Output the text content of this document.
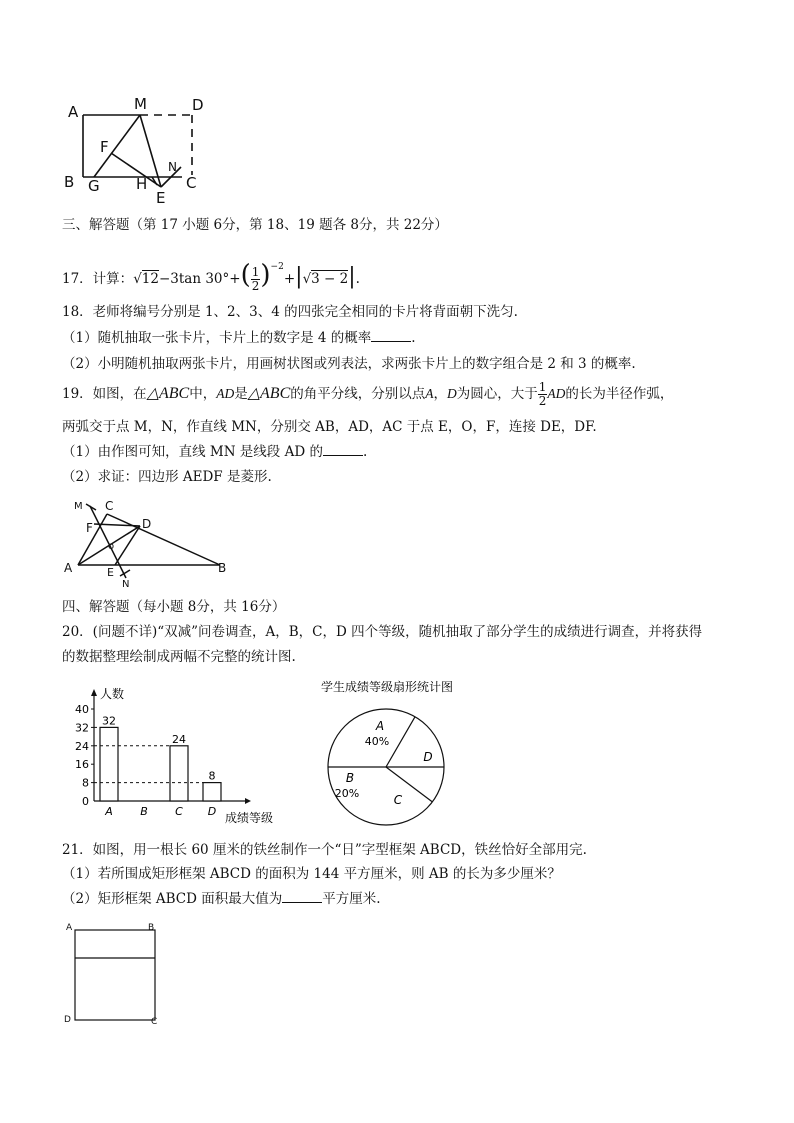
A	M	D
F
N
B G H
E
C
三、解答题（第 17 小题 6分，第 18、19 题各 8分，共 22分）
17．计算：√12−3tan $30^\circ+( \frac{1}{2} )^{-2}+|√3 - 2|$.
18．老师将编号分别是 1、2、3、4 的四张完全相同的卡片将背面朝下洗匀.
（1）随机抽取一张卡片，卡片上的数字是 4 的概率	.
（2）小明随机抽取两张卡片，用画树状图或列表法，求两张卡片上的数字组合是 2 和 3 的概率.
19．如图，在△ABC中，AD是△ABC的角平分线，分别以点A，D为圆心，大于 $\frac{1}{2}$ AD的长为半径作弧，
两弧交于点 M，N，作直线 MN，分别交 AB，AD，AC 于点 E，O，F，连接 DE，DF.
（1）由作图可知，直线 MN 是线段 AD 的	.
（2）求证：四边形 AEDF 是菱形.
M C
F	D
o
A	E
N
B
四、解答题（每小题 8分，共 16分）
20．(问题不详)“双减”问卷调查，A，B，C，D 四个等级，随机抽取了部分学生的成绩进行调查，并将获得
的数据整理绘制成两幅不完整的统计图.
人数
成绩等级
0
8
16
24
32
40
A
32
B C
24
D
8
学生成绩等级扇形统计图
A
40%
D
C
B
20%
21．如图，用一根长 60 厘米的铁丝制作一个“日”字型框架 ABCD，铁丝恰好全部用完.
（1）若所围成矩形框架 ABCD 的面积为 144 平方厘米，则 AB 的长为多少厘米？
（2）矩形框架 ABCD 面积最大值为	平方厘米.
A	B
D	C
